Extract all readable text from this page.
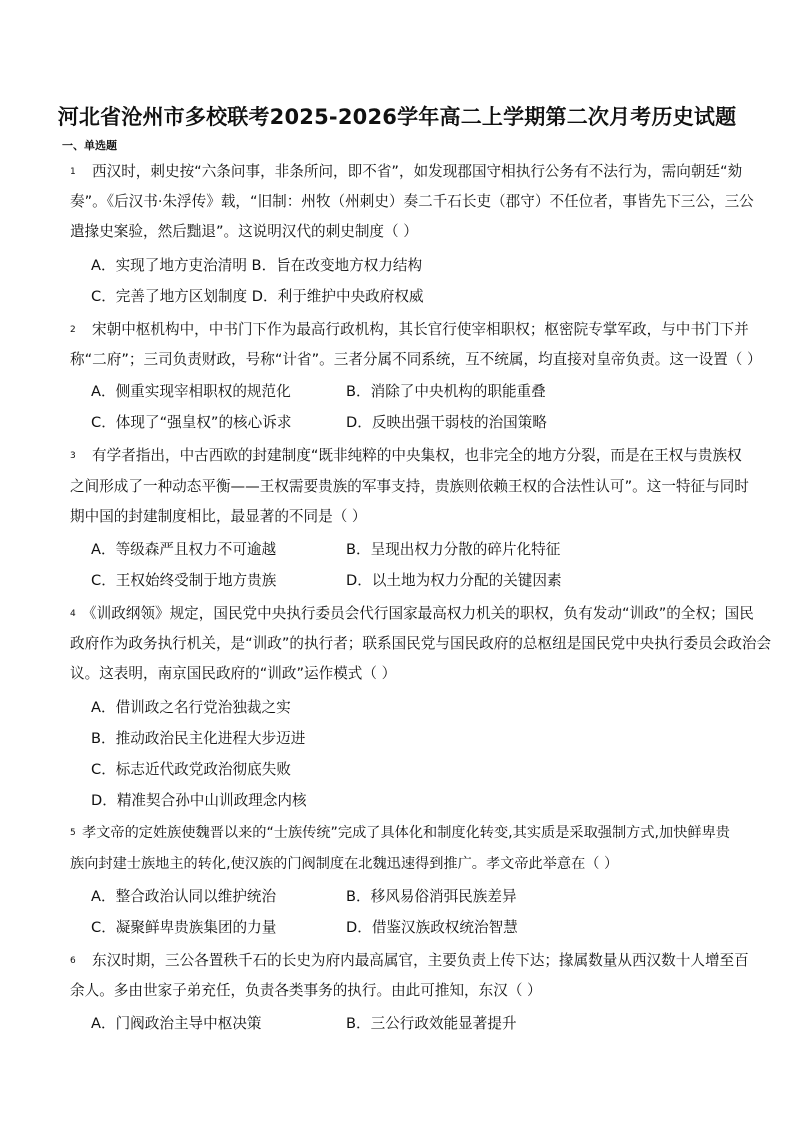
河北省沧州市多校联考2025-2026学年高二上学期第二次月考历史试题
一、单选题
1 西汉时，刺史按“六条问事，非条所问，即不省”，如发现郡国守相执行公务有不法行为，需向朝廷“劾
奏”。《后汉书·朱浮传》载，“旧制：州牧（州刺史）奏二千石长吏（郡守）不任位者，事皆先下三公，三公
遣掾史案验，然后黜退”。这说明汉代的刺史制度（ ）
A．实现了地方吏治清明 B．旨在改变地方权力结构
C．完善了地方区划制度 D．利于维护中央政府权威
2 宋朝中枢机构中，中书门下作为最高行政机构，其长官行使宰相职权；枢密院专掌军政，与中书门下并
称“二府”；三司负责财政，号称“计省”。三者分属不同系统，互不统属，均直接对皇帝负责。这一设置（ ）
A．侧重实现宰相职权的规范化	B．消除了中央机构的职能重叠
C．体现了“强皇权”的核心诉求	D．反映出强干弱枝的治国策略
3 有学者指出，中古西欧的封建制度“既非纯粹的中央集权，也非完全的地方分裂，而是在王权与贵族权
之间形成了一种动态平衡——王权需要贵族的军事支持，贵族则依赖王权的合法性认可”。这一特征与同时
期中国的封建制度相比，最显著的不同是（ ）
A．等级森严且权力不可逾越	B．呈现出权力分散的碎片化特征
C．王权始终受制于地方贵族	D．以土地为权力分配的关键因素
4 《训政纲领》规定，国民党中央执行委员会代行国家最高权力机关的职权，负有发动“训政”的全权；国民
政府作为政务执行机关，是“训政”的执行者；联系国民党与国民政府的总枢纽是国民党中央执行委员会政治会
议。这表明，南京国民政府的“训政”运作模式（ ）
A．借训政之名行党治独裁之实
B．推动政治民主化进程大步迈进
C．标志近代政党政治彻底失败
D．精准契合孙中山训政理念内核
5 孝文帝的定姓族使魏晋以来的“士族传统”完成了具体化和制度化转变,其实质是采取强制方式,加快鲜卑贵
族向封建士族地主的转化,使汉族的门阀制度在北魏迅速得到推广。孝文帝此举意在（ ）
A．整合政治认同以维护统治	B．移风易俗消弭民族差异
C．凝聚鲜卑贵族集团的力量	D．借鉴汉族政权统治智慧
6 东汉时期，三公各置秩千石的长史为府内最高属官，主要负责上传下达；掾属数量从西汉数十人增至百
余人。多由世家子弟充任，负责各类事务的执行。由此可推知，东汉（ ）
A．门阀政治主导中枢决策	B．三公行政效能显著提升
